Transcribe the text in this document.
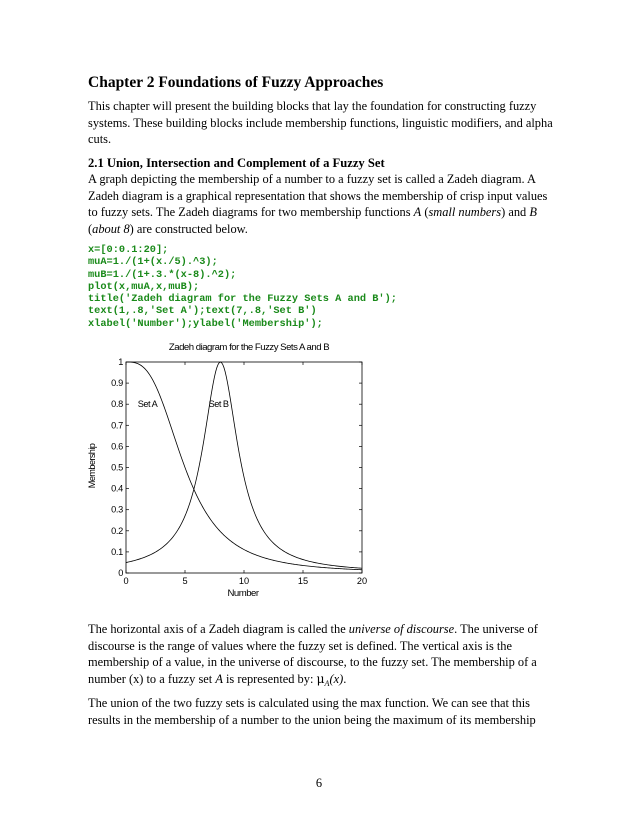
Chapter 2 Foundations of Fuzzy Approaches
This chapter will present the building blocks that lay the foundation for constructing fuzzy systems. These building blocks include membership functions, linguistic modifiers, and alpha cuts.
2.1 Union, Intersection and Complement of a Fuzzy Set
A graph depicting the membership of a number to a fuzzy set is called a Zadeh diagram. A Zadeh diagram is a graphical representation that shows the membership of crisp input values to fuzzy sets. The Zadeh diagrams for two membership functions A (small numbers) and B (about 8) are constructed below.
x=[0:0.1:20];
muA=1./(1+(x./5).^3);
muB=1./(1+.3.*(x-8).^2);
plot(x,muA,x,muB);
title('Zadeh diagram for the Fuzzy Sets A and B');
text(1,.8,'Set A');text(7,.8,'Set B')
xlabel('Number');ylabel('Membership');
Zadeh diagram for the Fuzzy Sets A and B
0	5	10	15	20
0
0.1
0.2
0.3
0.4
0.5
0.6
0.7
0.8
0.9
1
Set A	Set B
Number
Membership
The horizontal axis of a Zadeh diagram is called the universe of discourse. The universe of discourse is the range of values where the fuzzy set is defined. The vertical axis is the membership of a value, in the universe of discourse, to the fuzzy set. The membership of a number (x) to a fuzzy set A is represented by: $\mu_A(x)$.
The union of the two fuzzy sets is calculated using the max function. We can see that this results in the membership of a number to the union being the maximum of its membership
6
